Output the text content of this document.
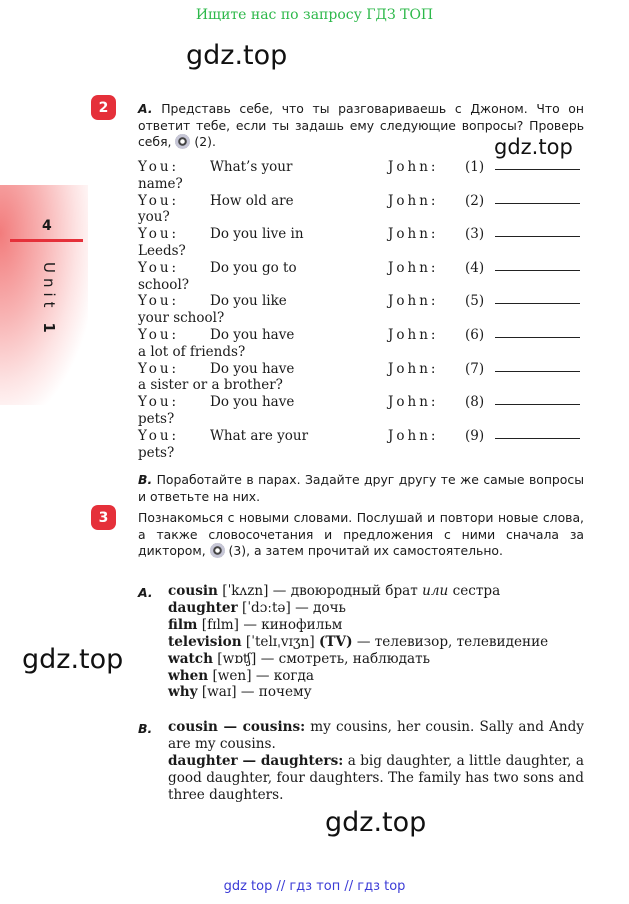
Ищите нас по запросу ГДЗ ТОП
gdz.top
gdz.top
gdz.top
gdz.top
4
Unit 1
2	A. Представь себе, что ты разговариваешь с Джоном. Что он ответит тебе, если ты задашь ему следующие вопросы? Проверь себя, (2).
You: What’s your
name?
John: (1)
You: How old are
you?
John: (2)
You: Do you live in
Leeds?
John: (3)
You: Do you go to
school?
John: (4)
You: Do you like
your school?
John: (5)
You: Do you have
a lot of friends?
John: (6)
You: Do you have
a sister or a brother?
John: (7)
You: Do you have
pets?
John: (8)
You: What are your
pets?
John: (9)
B. Поработайте в парах. Задайте друг другу те же самые вопросы и ответьте на них.
3	Познакомься с новыми словами. Послушай и повтори новые слова, а также словосочетания и предложения с ними сначала за диктором, (3), а затем прочитай их самостоятельно.
A. cousin [ˈkʌzn] — двоюродный брат или сестра
daughter [ˈdɔːtə] — дочь
film [fɪlm] — кинофильм
television [ˈtelɪˌvɪʒn] (TV) — телевизор, телевидение
watch [wɒʧ] — смотреть, наблюдать
when [wen] — когда
why [waɪ] — почему
B. cousin — cousins: my cousins, her cousin. Sally and Andy are my cousins.
daughter — daughters: a big daughter, a little daughter, a good daughter, four daughters. The family has two sons and three daughters.
gdz top // гдз топ // гдз top
